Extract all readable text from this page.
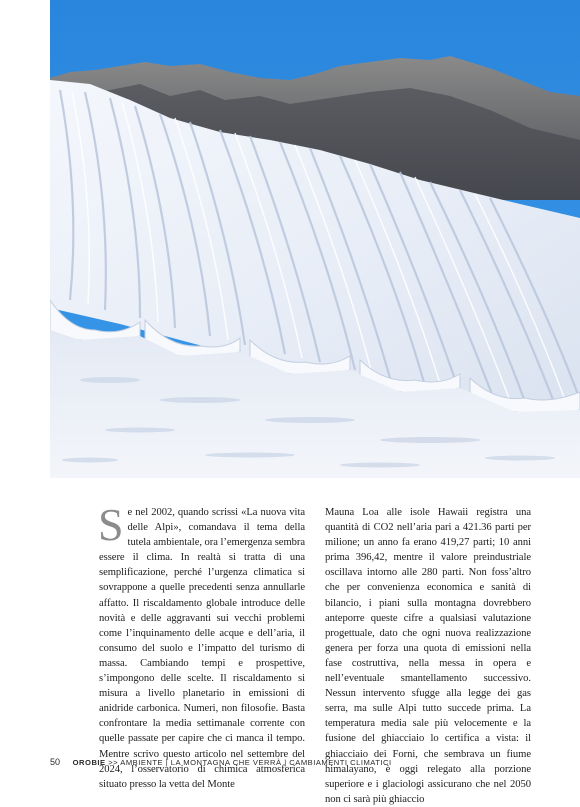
Se nel 2002, quando scrissi «La nuova vita delle Alpi», comandava il tema della tutela ambientale, ora l’emergenza sembra essere il clima. In realtà si tratta di una semplificazione, perché l’urgenza climatica si sovrappone a quelle precedenti senza annullarle affatto. Il riscaldamento globale introduce delle novità e delle aggravanti sui vecchi problemi come l’inquinamento delle acque e dell’aria, il consumo del suolo e l’impatto del turismo di massa. Cambiando tempi e prospettive, s’impongono delle scelte. Il riscaldamento si misura a livello planetario in emissioni di anidride carbonica. Numeri, non filosofie. Basta confrontare la media settimanale corrente con quelle passate per capire che ci manca il tempo. Mentre scrivo questo articolo nel settembre del 2024, l’osservatorio di chimica atmosferica situato presso la vetta del Monte
Mauna Loa alle isole Hawaii registra una quantità di CO2 nell’aria pari a 421.36 parti per milione; un anno fa erano 419,27 parti; 10 anni prima 396,42, mentre il valore preindustriale oscillava intorno alle 280 parti. Non foss’altro che per convenienza economica e sanità di bilancio, i piani sulla montagna dovrebbero anteporre queste cifre a qualsiasi valutazione progettuale, dato che ogni nuova realizzazione genera per forza una quota di emissioni nella fase costruttiva, nella messa in opera e nell’eventuale smantellamento successivo. Nessun intervento sfugge alla legge dei gas serra, ma sulle Alpi tutto succede prima. La temperatura media sale più velocemente e la fusione del ghiacciaio lo certifica a vista: il ghiacciaio dei Forni, che sembrava un fiume himalayano, è oggi relegato alla porzione superiore e i glaciologi assicurano che nel 2050 non ci sarà più ghiaccio
50 OROBIE >> AMBIENTE | LA MONTAGNA CHE VERRÀ | CAMBIAMENTI CLIMATICI
